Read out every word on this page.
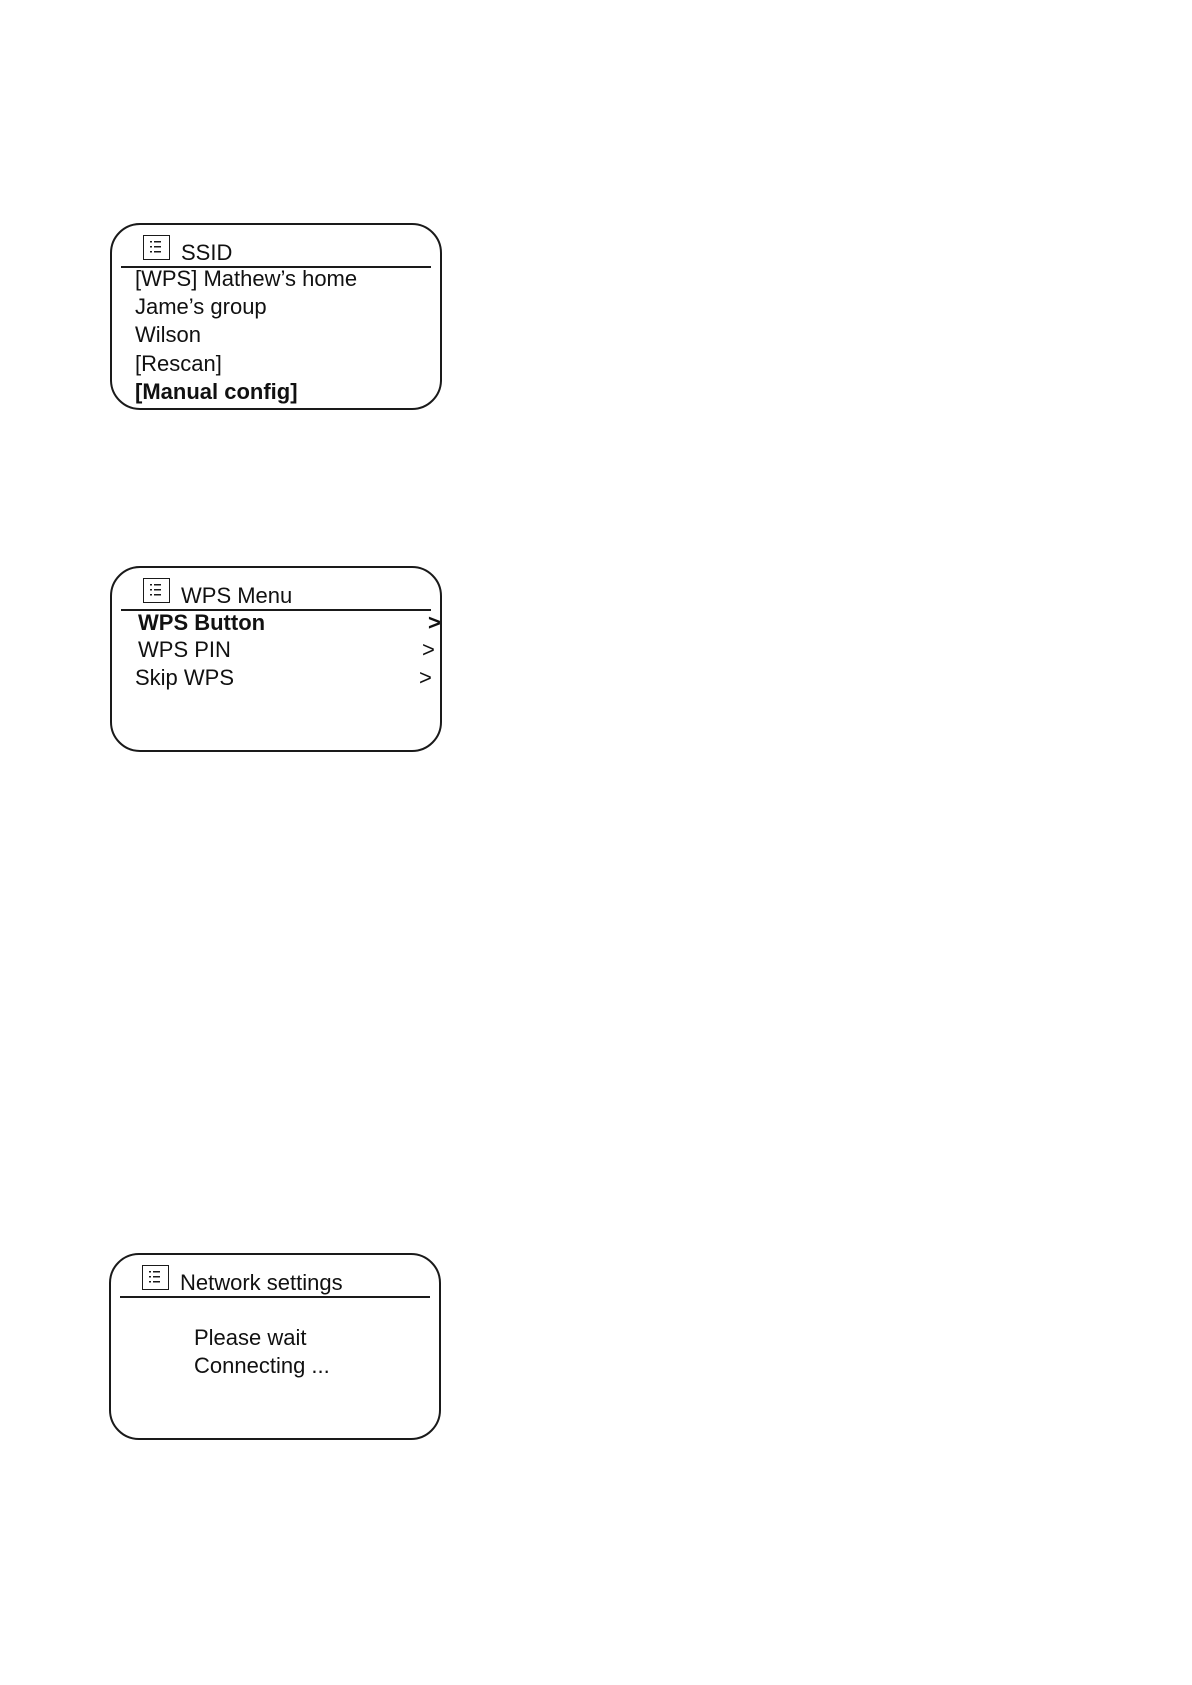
SSID
[WPS] Mathew’s home
Jame’s group
Wilson
[Rescan]
[Manual config]
WPS Menu
WPS Button	>
WPS PIN	>
Skip WPS	>
Network settings
Please wait
Connecting ...
